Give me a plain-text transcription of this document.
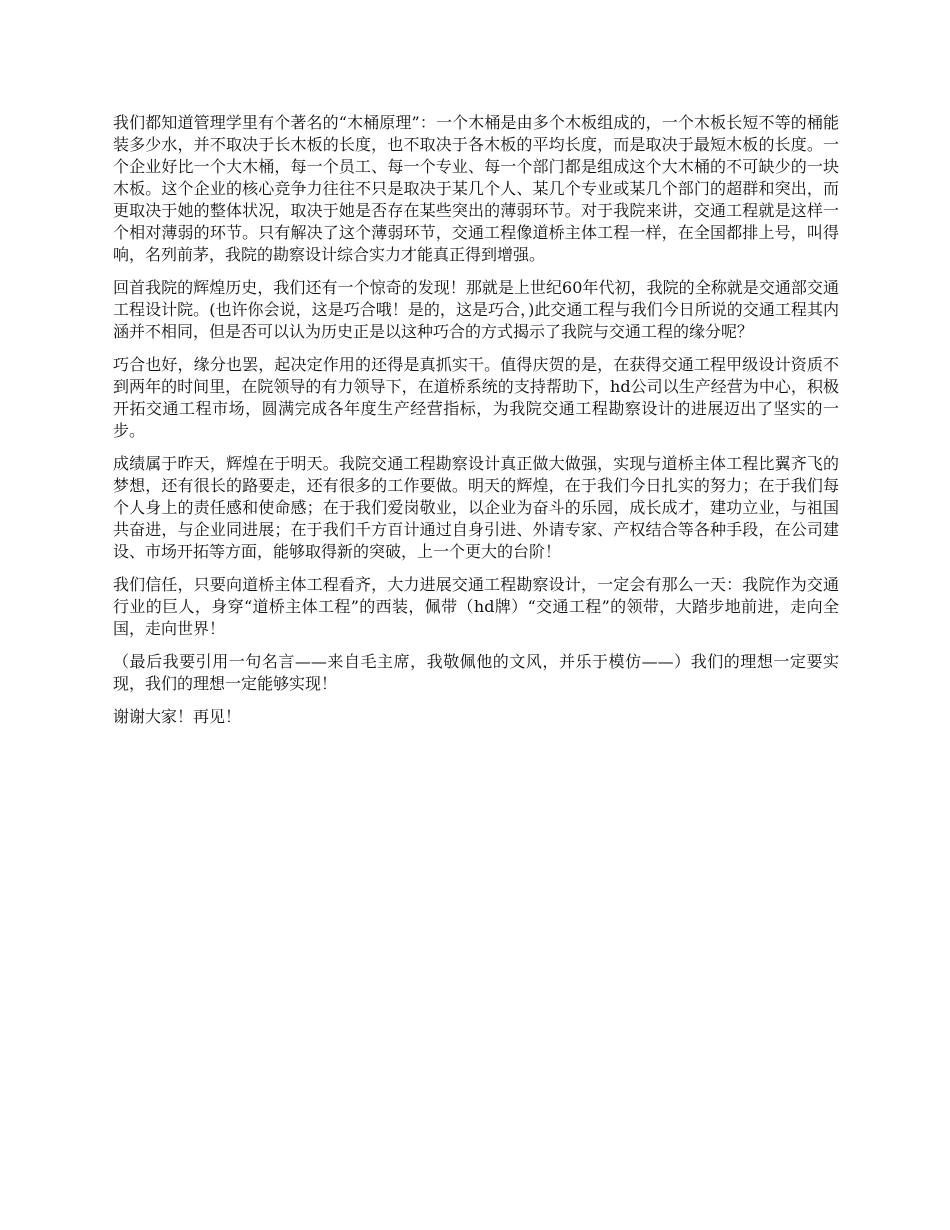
我们都知道管理学里有个著名的“木桶原理”：一个木桶是由多个木板组成的，一个木板长短不等的桶能装多少水，并不取决于长木板的长度，也不取决于各木板的平均长度，而是取决于最短木板的长度。一个企业好比一个大木桶，每一个员工、每一个专业、每一个部门都是组成这个大木桶的不可缺少的一块木板。这个企业的核心竞争力往往不只是取决于某几个人、某几个专业或某几个部门的超群和突出，而更取决于她的整体状况，取决于她是否存在某些突出的薄弱环节。对于我院来讲，交通工程就是这样一个相对薄弱的环节。只有解决了这个薄弱环节，交通工程像道桥主体工程一样，在全国都排上号，叫得响，名列前茅，我院的勘察设计综合实力才能真正得到增强。

回首我院的辉煌历史，我们还有一个惊奇的发现！那就是上世纪60年代初，我院的全称就是交通部交通工程设计院。(也许你会说，这是巧合哦！是的，这是巧合，)此交通工程与我们今日所说的交通工程其内涵并不相同，但是否可以认为历史正是以这种巧合的方式揭示了我院与交通工程的缘分呢？

巧合也好，缘分也罢，起决定作用的还得是真抓实干。值得庆贺的是，在获得交通工程甲级设计资质不到两年的时间里，在院领导的有力领导下，在道桥系统的支持帮助下，hd公司以生产经营为中心，积极开拓交通工程市场，圆满完成各年度生产经营指标，为我院交通工程勘察设计的进展迈出了坚实的一步。

成绩属于昨天，辉煌在于明天。我院交通工程勘察设计真正做大做强，实现与道桥主体工程比翼齐飞的梦想，还有很长的路要走，还有很多的工作要做。明天的辉煌，在于我们今日扎实的努力；在于我们每个人身上的责任感和使命感；在于我们爱岗敬业，以企业为奋斗的乐园，成长成才，建功立业，与祖国共奋进，与企业同进展；在于我们千方百计通过自身引进、外请专家、产权结合等各种手段，在公司建设、市场开拓等方面，能够取得新的突破，上一个更大的台阶！

我们信任，只要向道桥主体工程看齐，大力进展交通工程勘察设计，一定会有那么一天：我院作为交通行业的巨人，身穿“道桥主体工程”的西装，佩带（hd牌）“交通工程”的领带，大踏步地前进，走向全国，走向世界！

（最后我要引用一句名言——来自毛主席，我敬佩他的文风，并乐于模仿——）我们的理想一定要实现，我们的理想一定能够实现！

谢谢大家！再见！
